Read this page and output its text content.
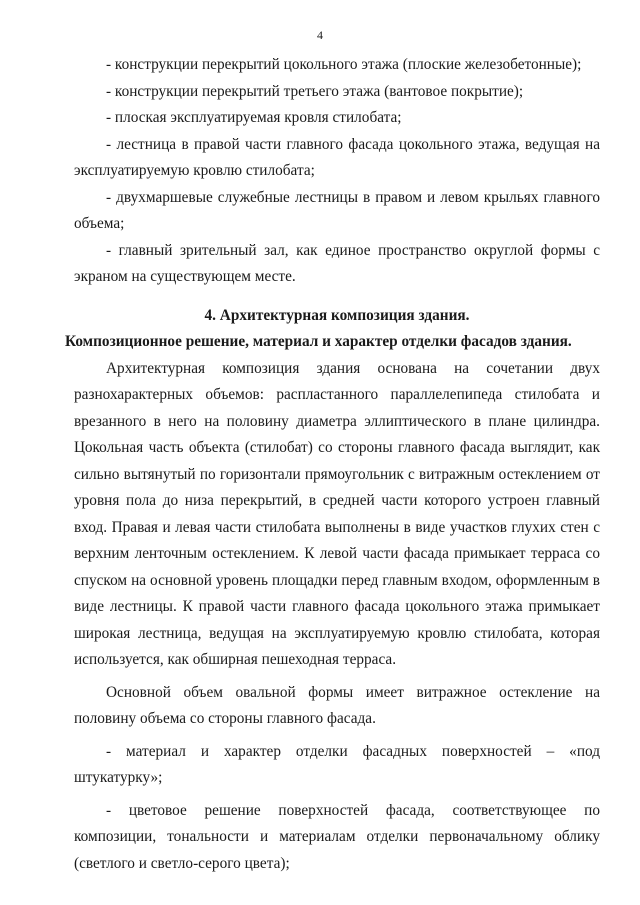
4

- конструкции перекрытий цокольного этажа (плоские железобетонные);

- конструкции перекрытий третьего этажа (вантовое покрытие);

- плоская эксплуатируемая кровля стилобата;

- лестница в правой части главного фасада цокольного этажа, ведущая на эксплуатируемую кровлю стилобата;

- двухмаршевые служебные лестницы в правом и левом крыльях главного объема;

- главный зрительный зал, как единое пространство округлой формы с экраном на существующем месте.

4. Архитектурная композиция здания.

Композиционное решение, материал и характер отделки фасадов здания.

Архитектурная композиция здания основана на сочетании двух разнохарактерных объемов: распластанного параллелепипеда стилобата и врезанного в него на половину диаметра эллиптического в плане цилиндра. Цокольная часть объекта (стилобат) со стороны главного фасада выглядит, как сильно вытянутый по горизонтали прямоугольник с витражным остеклением от уровня пола до низа перекрытий, в средней части которого устроен главный вход. Правая и левая части стилобата выполнены в виде участков глухих стен с верхним ленточным остеклением. К левой части фасада примыкает терраса со спуском на основной уровень площадки перед главным входом, оформленным в виде лестницы. К правой части главного фасада цокольного этажа примыкает широкая лестница, ведущая на эксплуатируемую кровлю стилобата, которая используется, как обширная пешеходная терраса.

Основной объем овальной формы имеет витражное остекление на половину объема со стороны главного фасада.

- материал и характер отделки фасадных поверхностей – «под штукатурку»;

- цветовое решение поверхностей фасада, соответствующее по композиции, тональности и материалам отделки первоначальному облику (светлого и светло-серого цвета);
